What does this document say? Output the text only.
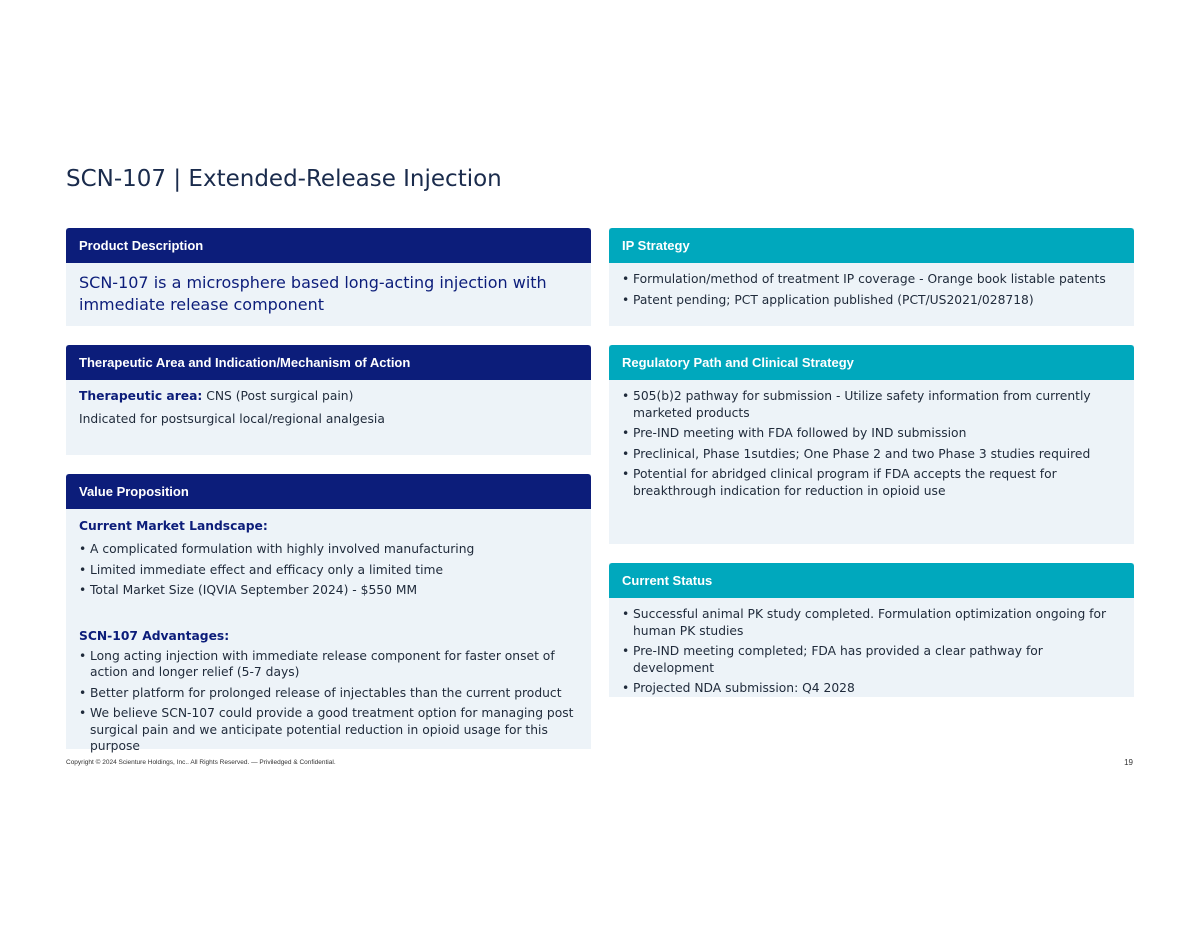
SCN-107 | Extended-Release Injection
Product Description
SCN-107 is a microsphere based long-acting injection with immediate release component
Therapeutic Area and Indication/Mechanism of Action
Therapeutic area: CNS (Post surgical pain)
Indicated for postsurgical local/regional analgesia
Value Proposition
Current Market Landscape:
• A complicated formulation with highly involved manufacturing
• Limited immediate effect and efficacy only a limited time
• Total Market Size (IQVIA September 2024) - $550 MM
SCN-107 Advantages:
• Long acting injection with immediate release component for faster onset of action and longer relief (5-7 days)
• Better platform for prolonged release of injectables than the current product
• We believe SCN-107 could provide a good treatment option for managing post surgical pain and we anticipate potential reduction in opioid usage for this purpose
IP Strategy
• Formulation/method of treatment IP coverage - Orange book listable patents
• Patent pending; PCT application published (PCT/US2021/028718)
Regulatory Path and Clinical Strategy
• 505(b)2 pathway for submission - Utilize safety information from currently marketed products
• Pre-IND meeting with FDA followed by IND submission
• Preclinical, Phase 1sutdies; One Phase 2 and two Phase 3 studies required
• Potential for abridged clinical program if FDA accepts the request for breakthrough indication for reduction in opioid use
Current Status
• Successful animal PK study completed. Formulation optimization ongoing for human PK studies
• Pre-IND meeting completed; FDA has provided a clear pathway for development
• Projected NDA submission: Q4 2028
Copyright © 2024 Scienture Holdings, Inc.. All Rights Reserved. — Priviledged & Confidential.	19
